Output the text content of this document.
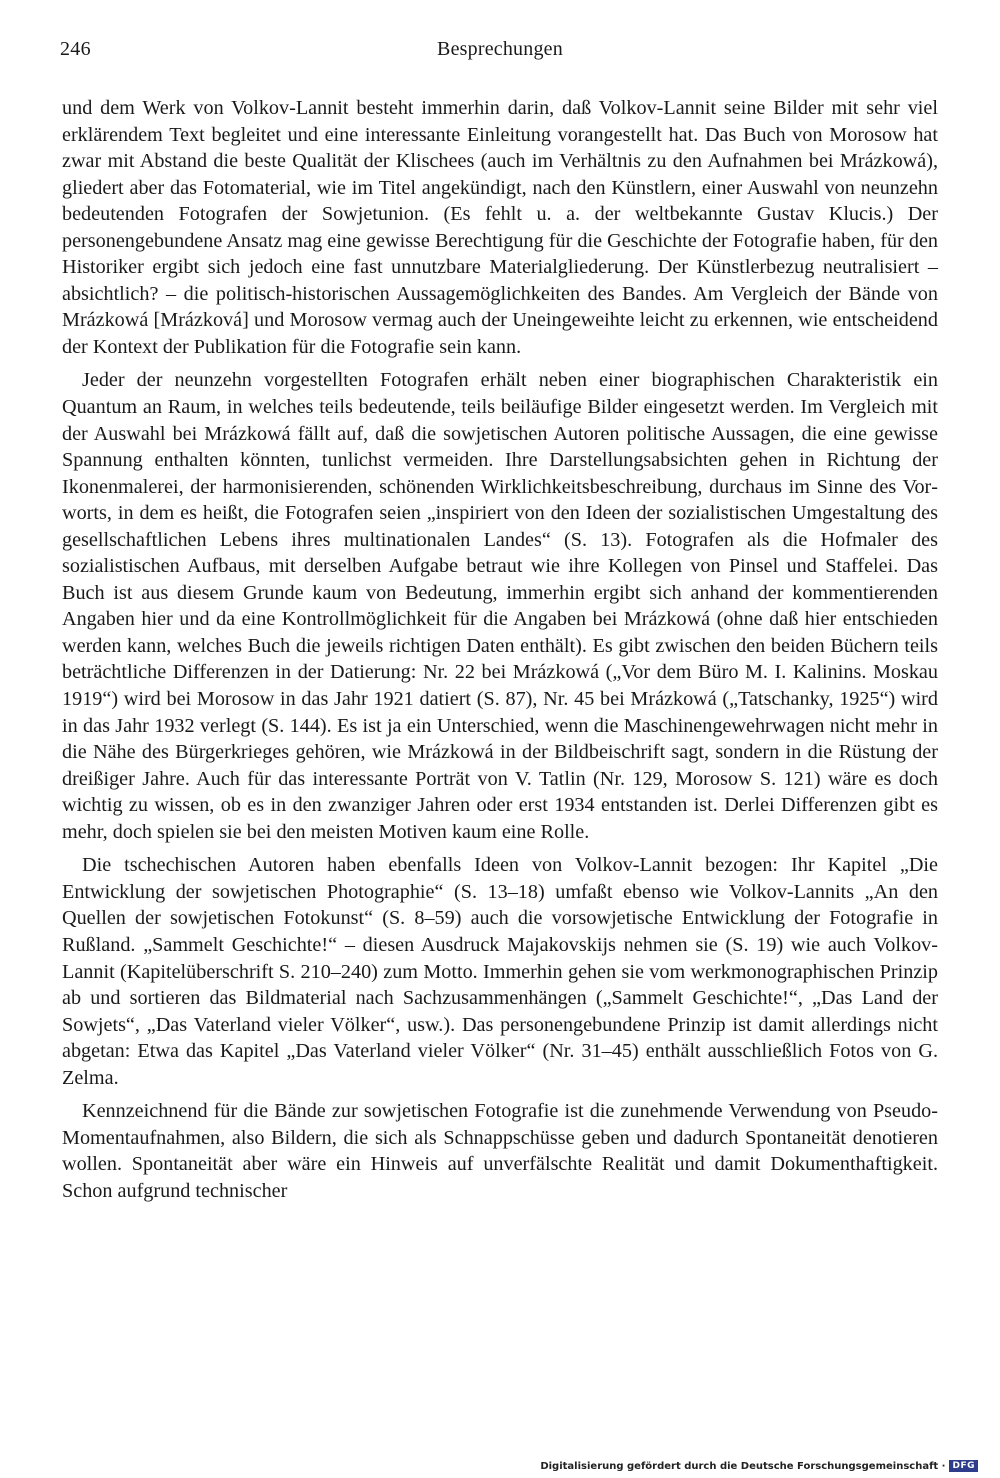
246	Besprechungen

und dem Werk von Volkov-Lannit besteht immerhin darin, daß Volkov-Lannit seine Bilder mit sehr viel erklärendem Text begleitet und eine interessante Einleitung vorangestellt hat. Das Buch von Morosow hat zwar mit Abstand die beste Qualität der Klischees (auch im Verhältnis zu den Aufnahmen bei Mrázkowá), gliedert aber das Fotomaterial, wie im Titel angekündigt, nach den Künstlern, einer Auswahl von neunzehn bedeutenden Fotografen der Sowjetunion. (Es fehlt u. a. der weltbekannte Gustav Klucis.) Der personengebundene Ansatz mag eine gewisse Berechtigung für die Geschichte der Fotografie haben, für den Historiker ergibt sich jedoch eine fast unnutzbare Materialgliederung. Der Künstlerbezug neutralisiert – absichtlich? – die politisch-historischen Aussagemöglichkeiten des Bandes. Am Vergleich der Bände von Mrázkowá [Mrázková] und Morosow vermag auch der Uneingeweihte leicht zu erkennen, wie entscheidend der Kontext der Publikation für die Fotografie sein kann.

Jeder der neunzehn vorgestellten Fotografen erhält neben einer biographischen Charakteristik ein Quantum an Raum, in welches teils bedeutende, teils beiläufige Bilder eingesetzt werden. Im Vergleich mit der Auswahl bei Mrázkowá fällt auf, daß die sowjetischen Autoren politische Aussagen, die eine gewisse Spannung enthalten könnten, tunlichst vermeiden. Ihre Darstellungsabsichten gehen in Richtung der Ikonenmalerei, der harmonisierenden, schönenden Wirklichkeitsbeschreibung, durchaus im Sinne des Vorworts, in dem es heißt, die Fotografen seien „inspiriert von den Ideen der sozialistischen Umgestaltung des gesellschaftlichen Lebens ihres multinationalen Landes“ (S. 13). Fotografen als die Hofmaler des sozialistischen Aufbaus, mit derselben Aufgabe betraut wie ihre Kollegen von Pinsel und Staffelei. Das Buch ist aus diesem Grunde kaum von Bedeutung, immerhin ergibt sich anhand der kommentierenden Angaben hier und da eine Kontrollmöglichkeit für die Angaben bei Mrázkowá (ohne daß hier entschieden werden kann, welches Buch die jeweils richtigen Daten enthält). Es gibt zwischen den beiden Büchern teils beträchtliche Differenzen in der Datierung: Nr. 22 bei Mrázkowá („Vor dem Büro M. I. Kalinins. Moskau 1919“) wird bei Morosow in das Jahr 1921 datiert (S. 87), Nr. 45 bei Mrázkowá („Tatschanky, 1925“) wird in das Jahr 1932 verlegt (S. 144). Es ist ja ein Unterschied, wenn die Maschinengewehrwagen nicht mehr in die Nähe des Bürgerkrieges gehören, wie Mrázkowá in der Bildbeischrift sagt, sondern in die Rüstung der dreißiger Jahre. Auch für das interessante Porträt von V. Tatlin (Nr. 129, Morosow S. 121) wäre es doch wichtig zu wissen, ob es in den zwanziger Jahren oder erst 1934 entstanden ist. Derlei Differenzen gibt es mehr, doch spielen sie bei den meisten Motiven kaum eine Rolle.

Die tschechischen Autoren haben ebenfalls Ideen von Volkov-Lannit bezogen: Ihr Kapitel „Die Entwicklung der sowjetischen Photographie“ (S. 13–18) umfaßt ebenso wie Volkov-Lannits „An den Quellen der sowjetischen Fotokunst“ (S. 8–59) auch die vorsowjetische Entwicklung der Fotografie in Rußland. „Sammelt Geschichte!“ – diesen Ausdruck Majakovskijs nehmen sie (S. 19) wie auch Volkov-Lannit (Kapitelüberschrift S. 210–240) zum Motto. Immerhin gehen sie vom werkmonographischen Prinzip ab und sortieren das Bildmaterial nach Sachzusammenhängen („Sammelt Geschichte!“, „Das Land der Sowjets“, „Das Vaterland vieler Völker“, usw.). Das personengebundene Prinzip ist damit allerdings nicht abgetan: Etwa das Kapitel „Das Vaterland vieler Völker“ (Nr. 31–45) enthält ausschließlich Fotos von G. Zelma.

Kennzeichnend für die Bände zur sowjetischen Fotografie ist die zunehmende Verwendung von Pseudo-Momentaufnahmen, also Bildern, die sich als Schnappschüsse geben und dadurch Spontaneität denotieren wollen. Spontaneität aber wäre ein Hinweis auf unverfälschte Realität und damit Dokumenthaftigkeit. Schon aufgrund technischer

Digitalisierung gefördert durch die Deutsche Forschungsgemeinschaft · DFG
